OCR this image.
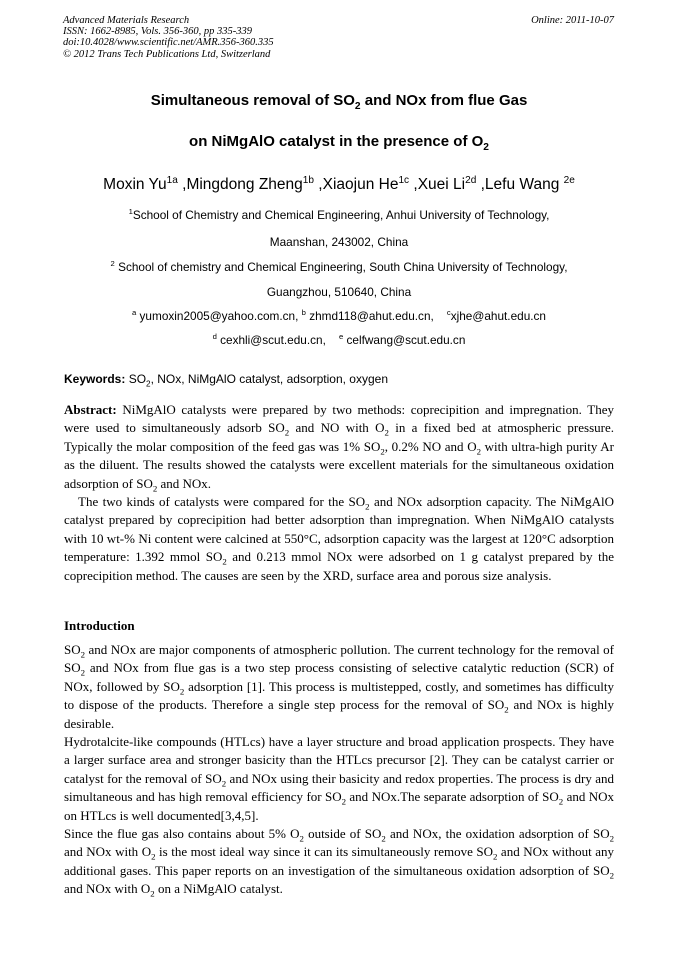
Advanced Materials Research
ISSN: 1662-8985, Vols. 356-360, pp 335-339
doi:10.4028/www.scientific.net/AMR.356-360.335
© 2012 Trans Tech Publications Ltd, Switzerland
Online: 2011-10-07
Simultaneous removal of $SO_2$ and NOx from flue Gas
on NiMgAlO catalyst in the presence of $O_2$
Moxin $Yu^{1a}$ ,Mingdong Zheng$^{1b}$ ,Xiaojun $He^{1c}$ ,Xuei $Li^{2d}$ ,Lefu Wang $^{2e}$
$^1$School of Chemistry and Chemical Engineering, Anhui University of Technology,
Maanshan, 243002, China
$^2$ School of chemistry and Chemical Engineering, South China University of Technology,
Guangzhou, 510640, China
$^a$ yumoxin2005@yahoo.com.cn, $^b$ zhmd118@ahut.edu.cn,    $^c$xjhe@ahut.edu.cn
$^d$ cexhli@scut.edu.cn,    $^e$ celfwang@scut.edu.cn
Keywords: $SO_2$, NOx, NiMgAlO catalyst, adsorption, oxygen

Abstract: NiMgAlO catalysts were prepared by two methods: coprecipition and impregnation. They were used to simultaneously adsorb $SO_2$ and NO with $O_2$ in a fixed bed at atmospheric pressure. Typically the molar composition of the feed gas was 1% $SO_2$, 0.2% NO and $O_2$ with ultra-high purity Ar as the diluent. The results showed the catalysts were excellent materials for the simultaneous oxidation adsorption of $SO_2$ and NOx.

The two kinds of catalysts were compared for the $SO_2$ and NOx adsorption capacity. The NiMgAlO catalyst prepared by coprecipition had better adsorption than impregnation. When NiMgAlO catalysts with 10 wt-% Ni content were calcined at 550°C, adsorption capacity was the largest at 120°C adsorption temperature: 1.392 mmol $SO_2$ and 0.213 mmol NOx were adsorbed on 1 g catalyst prepared by the coprecipition method. The causes are seen by the XRD, surface area and porous size analysis.

Introduction

$SO_2$ and NOx are major components of atmospheric pollution. The current technology for the removal of $SO_2$ and NOx from flue gas is a two step process consisting of selective catalytic reduction (SCR) of NOx, followed by $SO_2$ adsorption [1]. This process is multistepped, costly, and sometimes has difficulty to dispose of the products. Therefore a single step process for the removal of $SO_2$ and NOx is highly desirable.

Hydrotalcite-like compounds (HTLcs) have a layer structure and broad application prospects. They have a larger surface area and stronger basicity than the HTLcs precursor [2]. They can be catalyst carrier or catalyst for the removal of $SO_2$ and NOx using their basicity and redox properties. The process is dry and simultaneous and has high removal efficiency for $SO_2$ and NOx.The separate adsorption of $SO_2$ and NOx on HTLcs is well documented[3,4,5].

Since the flue gas also contains about 5% $O_2$ outside of $SO_2$ and NOx, the oxidation adsorption of $SO_2$ and NOx with $O_2$ is the most ideal way since it can its simultaneously remove $SO_2$ and NOx without any additional gases. This paper reports on an investigation of the simultaneous oxidation adsorption of $SO_2$ and NOx with $O_2$ on a NiMgAlO catalyst.
